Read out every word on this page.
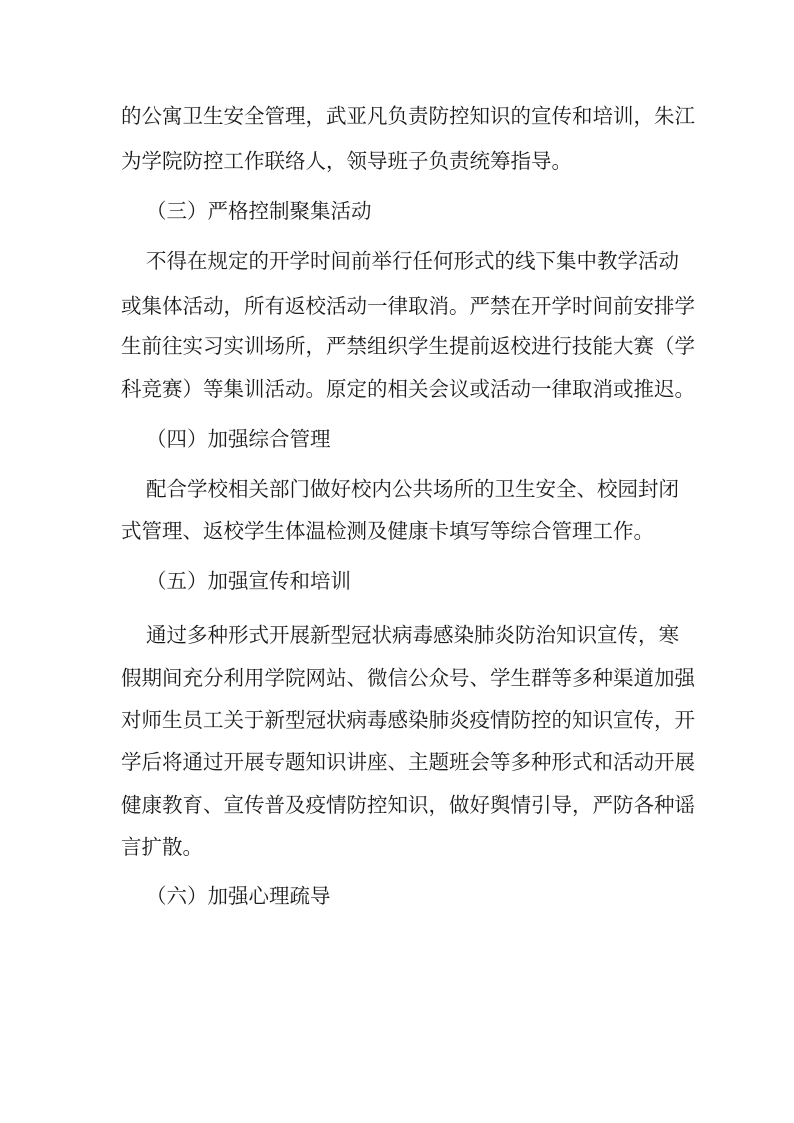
的公寓卫生安全管理，武亚凡负责防控知识的宣传和培训，朱江
为学院防控工作联络人，领导班子负责统筹指导。
（三）严格控制聚集活动
不得在规定的开学时间前举行任何形式的线下集中教学活动
或集体活动，所有返校活动一律取消。严禁在开学时间前安排学
生前往实习实训场所，严禁组织学生提前返校进行技能大赛（学
科竞赛）等集训活动。原定的相关会议或活动一律取消或推迟。
（四）加强综合管理
配合学校相关部门做好校内公共场所的卫生安全、校园封闭
式管理、返校学生体温检测及健康卡填写等综合管理工作。
（五）加强宣传和培训
通过多种形式开展新型冠状病毒感染肺炎防治知识宣传，寒
假期间充分利用学院网站、微信公众号、学生群等多种渠道加强
对师生员工关于新型冠状病毒感染肺炎疫情防控的知识宣传，开
学后将通过开展专题知识讲座、主题班会等多种形式和活动开展
健康教育、宣传普及疫情防控知识，做好舆情引导，严防各种谣
言扩散。
（六）加强心理疏导
